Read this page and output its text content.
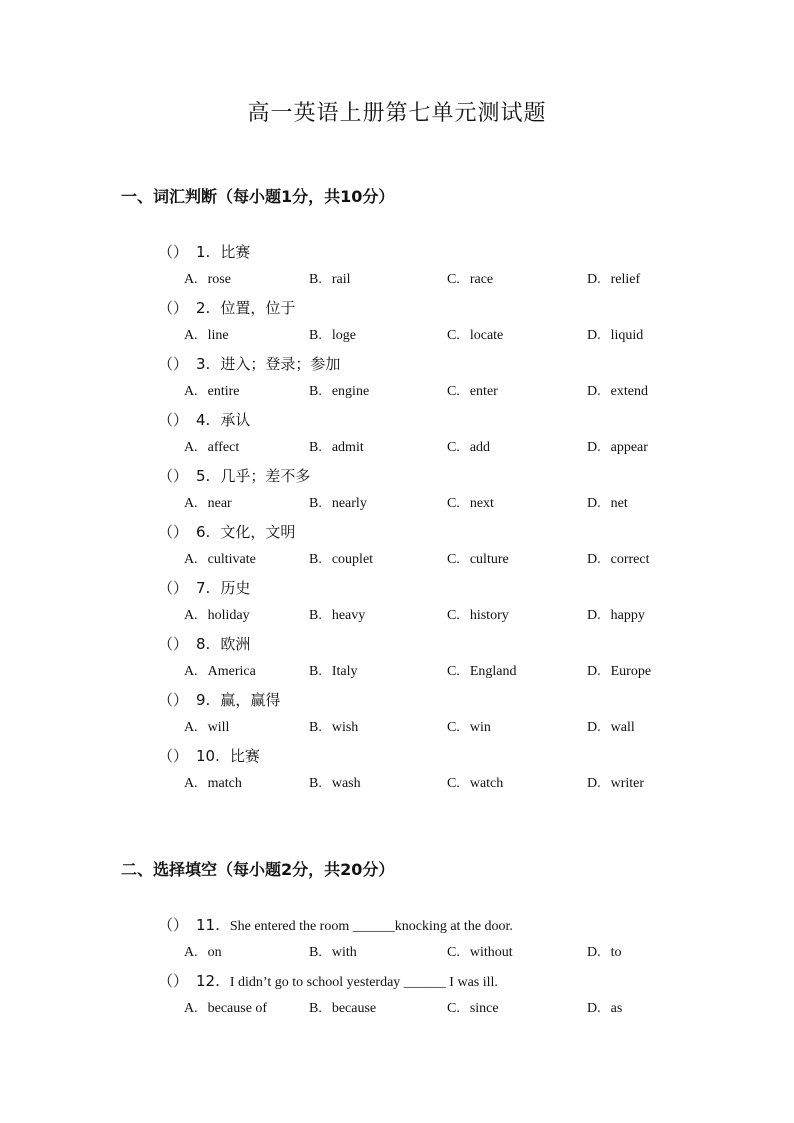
高一英语上册第七单元测试题
一、词汇判断（每小题1分，共10分）
（） 1. 比赛
A. rose	B. rail	C. race	D. relief
（） 2. 位置，位于
A. line	B. loge	C. locate	D. liquid
（） 3. 进入；登录；参加
A. entire	B. engine	C. enter	D. extend
（） 4. 承认
A. affect	B. admit	C. add	D. appear
（） 5. 几乎；差不多
A. near	B. nearly	C. next	D. net
（） 6. 文化，文明
A. cultivate	B. couplet	C. culture	D. correct
（） 7. 历史
A. holiday	B. heavy	C. history	D. happy
（） 8. 欧洲
A. America	B. Italy	C. England	D. Europe
（） 9. 赢，赢得
A. will	B. wish	C. win	D. wall
（） 10. 比赛
A. match	B. wash	C. watch	D. writer
二、选择填空（每小题2分，共20分）
（） 11. She entered the room ______knocking at the door.
A. on	B. with	C. without	D. to
（） 12. I didn’t go to school yesterday ______ I was ill.
A. because of	B. because	C. since	D. as
